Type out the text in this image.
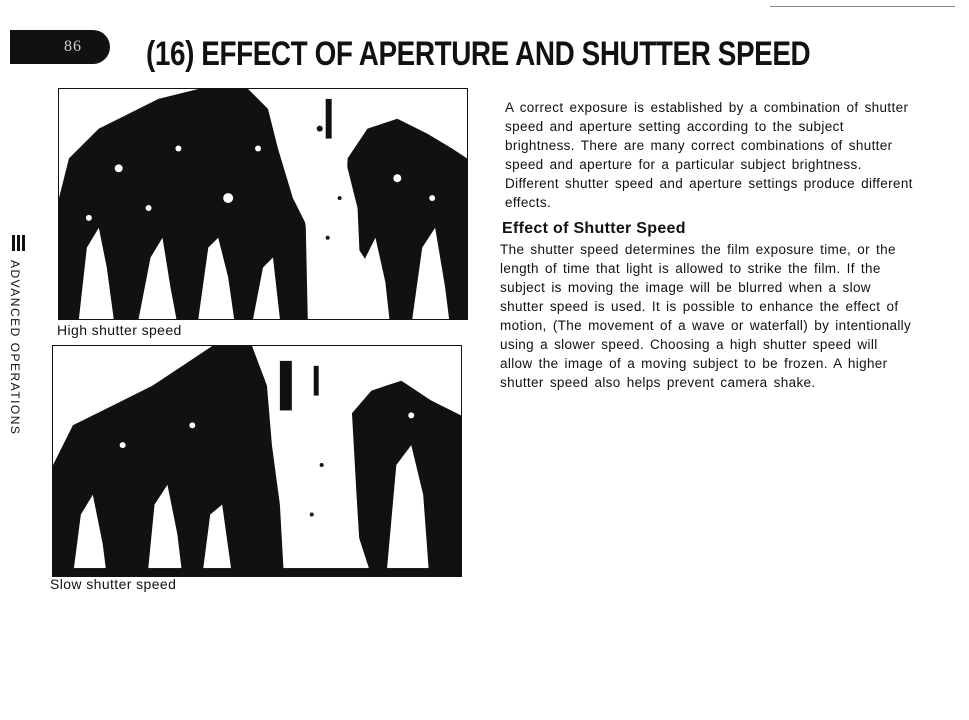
86 (16) EFFECT OF APERTURE AND SHUTTER SPEED
ADVANCED OPERATIONS	High shutter speed
Slow shutter speed

A correct exposure is established by a combination of shutter speed and aperture setting according to the subject brightness. There are many correct combinations of shutter speed and aperture for a particular subject brightness. Different shutter speed and aperture settings produce different effects.

Effect of Shutter Speed

The shutter speed determines the film exposure time, or the length of time that light is allowed to strike the film. If the subject is moving the image will be blurred when a slow shutter speed is used. It is possible to enhance the effect of motion, (The movement of a wave or waterfall) by intentionally using a slower speed. Choosing a high shutter speed will allow the image of a moving subject to be frozen. A higher shutter speed also helps prevent camera shake.
